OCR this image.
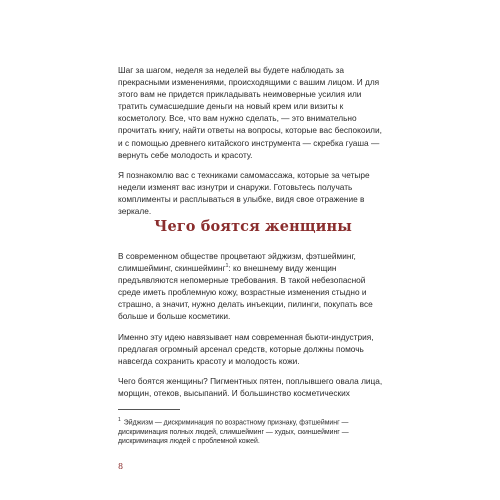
Шаг за шагом, неделя за неделей вы будете наблюдать за прекрасными изменениями, происходящими с вашим лицом. И для этого вам не придется прикладывать неимоверные усилия или тратить сумасшедшие деньги на новый крем или визиты к косметологу. Все, что вам нужно сделать, — это внимательно прочитать книгу, найти ответы на вопросы, которые вас беспокоили, и с помощью древнего китайского инструмента — скребка гуаша — вернуть себе молодость и красоту.

Я познакомлю вас с техниками самомассажа, которые за четыре недели изменят вас изнутри и снаружи. Готовьтесь получать комплименты и расплываться в улыбке, видя свое отражение в зеркале.

Чего боятся женщины

В современном обществе процветают эйджизм, фэтшейминг, слимшейминг, скиншейминг$^1$: ко внешнему виду женщин предъявляются непомерные требования. В такой небезопасной среде иметь проблемную кожу, возрастные изменения стыдно и страшно, а значит, нужно делать инъекции, пилинги, покупать все больше и больше косметики.

Именно эту идею навязывает нам современная бьюти-индустрия, предлагая огромный арсенал средств, которые должны помочь навсегда сохранить красоту и молодость кожи.

Чего боятся женщины? Пигментных пятен, поплывшего овала лица, морщин, отеков, высыпаний. И большинство косметических

$^1$ Эйджизм — дискриминация по возрастному признаку, фэтшейминг — дискриминация полных людей, слимшейминг — худых, скиншейминг — дискриминация людей с проблемной кожей.
8
